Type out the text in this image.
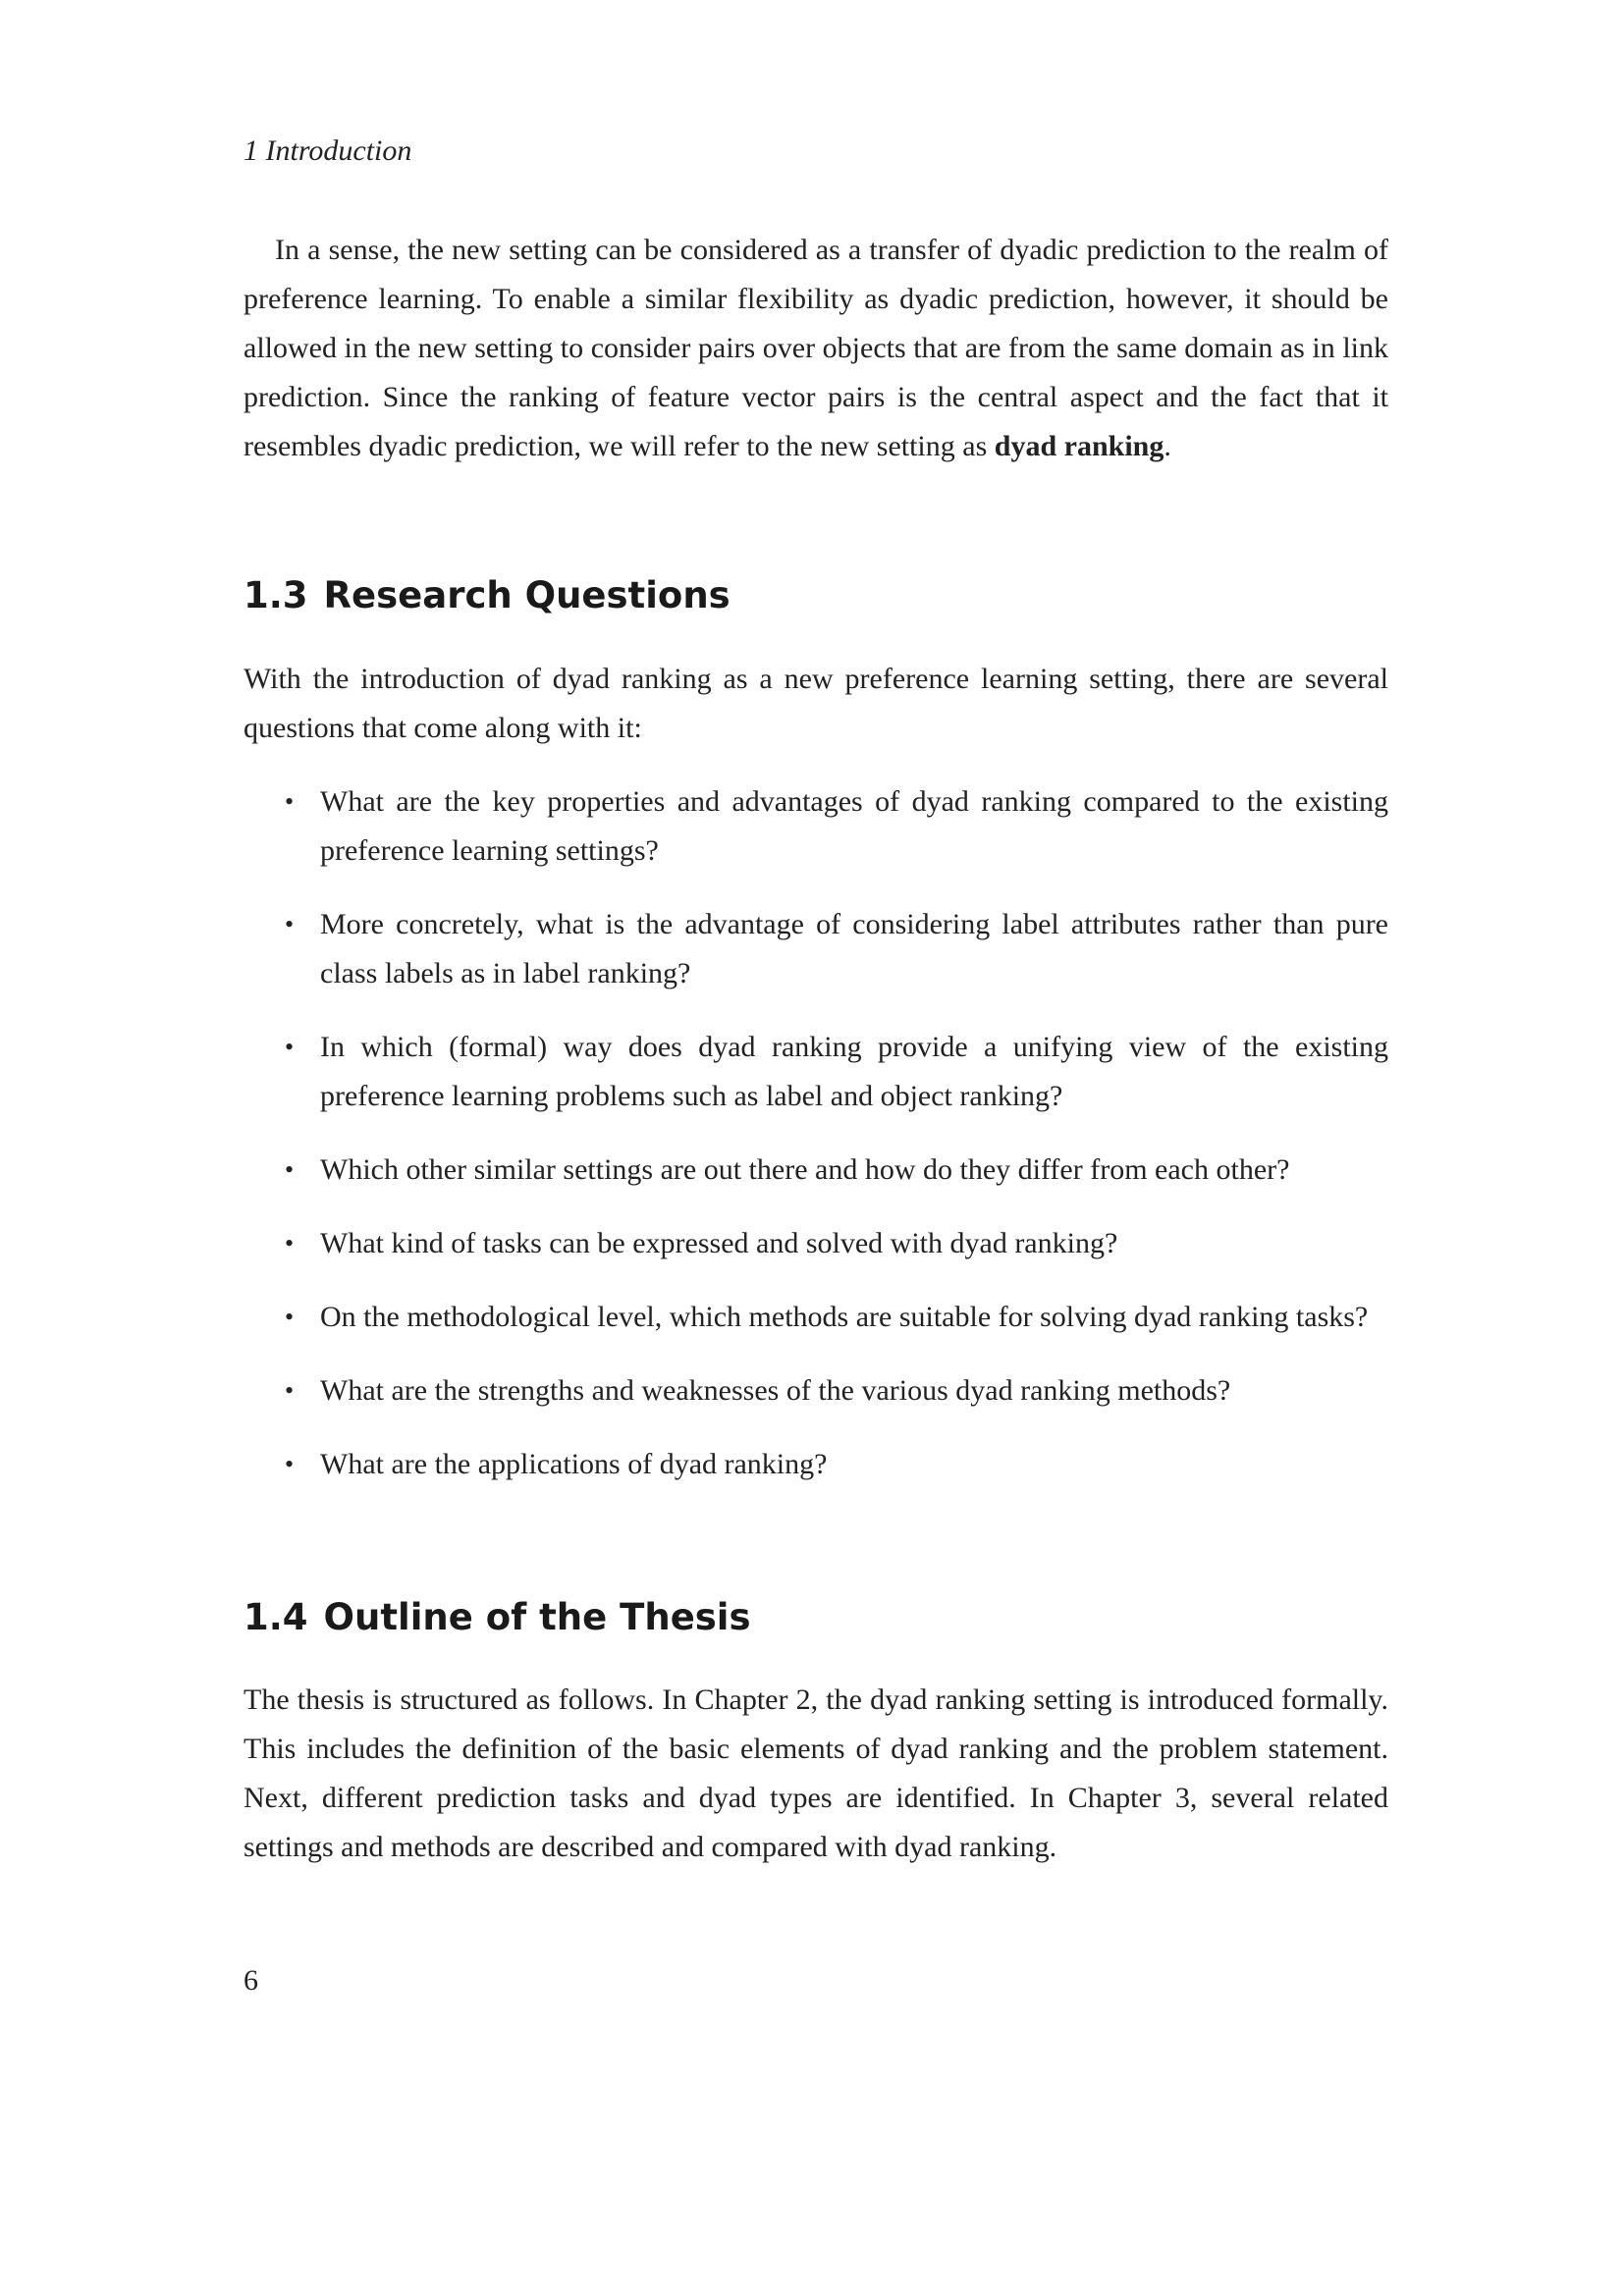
1 Introduction

In a sense, the new setting can be considered as a transfer of dyadic prediction to the realm of preference learning. To enable a similar flexibility as dyadic prediction, however, it should be allowed in the new setting to consider pairs over objects that are from the same domain as in link prediction. Since the ranking of feature vector pairs is the central aspect and the fact that it resembles dyadic prediction, we will refer to the new setting as dyad ranking.

1.3 Research Questions

With the introduction of dyad ranking as a new preference learning setting, there are several questions that come along with it:

• What are the key properties and advantages of dyad ranking compared to the existing preference learning settings?
• More concretely, what is the advantage of considering label attributes rather than pure class labels as in label ranking?
• In which (formal) way does dyad ranking provide a unifying view of the existing preference learning problems such as label and object ranking?
• Which other similar settings are out there and how do they differ from each other?
• What kind of tasks can be expressed and solved with dyad ranking?
• On the methodological level, which methods are suitable for solving dyad ranking tasks?
• What are the strengths and weaknesses of the various dyad ranking methods?
• What are the applications of dyad ranking?
1.4 Outline of the Thesis

The thesis is structured as follows. In Chapter 2, the dyad ranking setting is introduced formally. This includes the definition of the basic elements of dyad ranking and the problem statement. Next, different prediction tasks and dyad types are identified. In Chapter 3, several related settings and methods are described and compared with dyad ranking.

6
